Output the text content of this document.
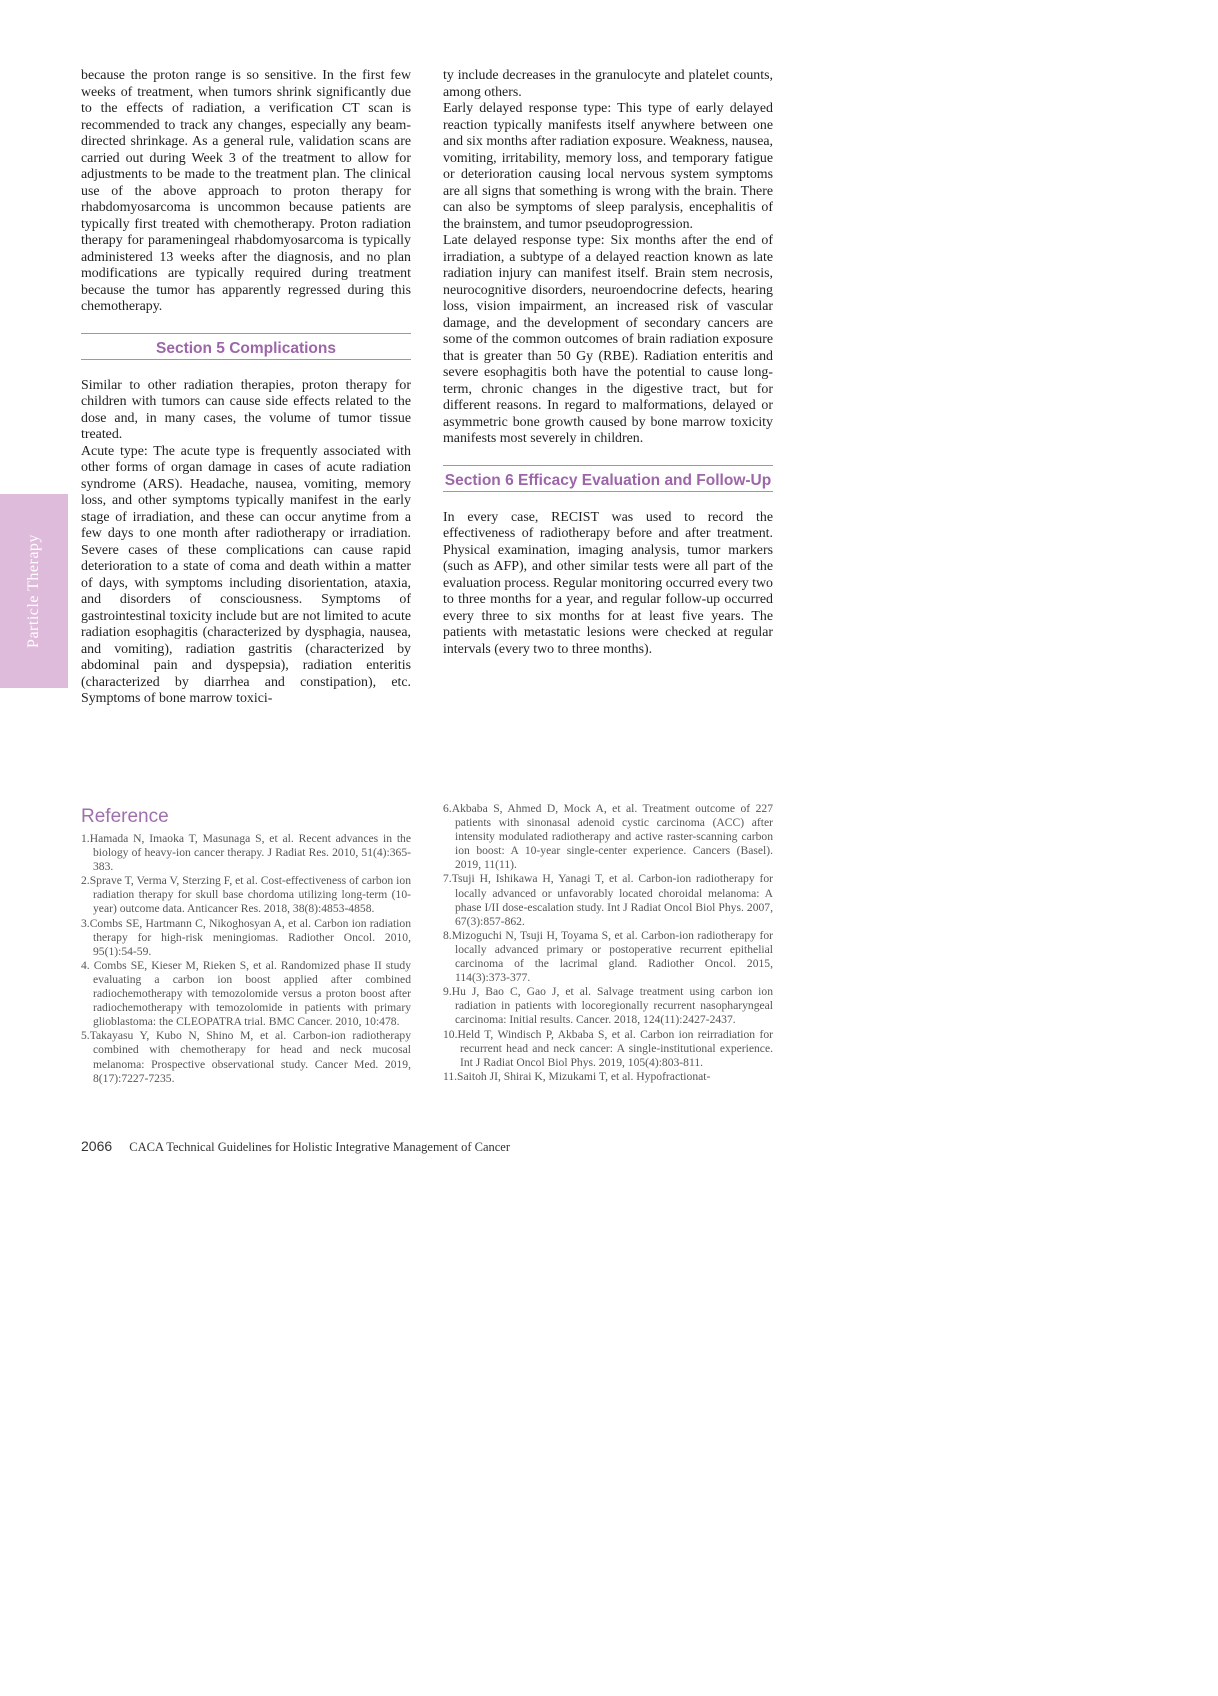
Particle Therapy

because the proton range is so sensitive. In the first few weeks of treatment, when tumors shrink significantly due to the effects of radiation, a verification CT scan is recommended to track any changes, especially any beam-directed shrinkage. As a general rule, validation scans are carried out during Week 3 of the treatment to allow for adjustments to be made to the treatment plan. The clinical use of the above approach to proton therapy for rhabdomyosarcoma is uncommon because patients are typically first treated with chemotherapy. Proton radiation therapy for parameningeal rhabdomyosarcoma is typically administered 13 weeks after the diagnosis, and no plan modifications are typically required during treatment because the tumor has apparently regressed during this chemotherapy.

Section 5 Complications

Similar to other radiation therapies, proton therapy for children with tumors can cause side effects related to the dose and, in many cases, the volume of tumor tissue treated.

Acute type: The acute type is frequently associated with other forms of organ damage in cases of acute radiation syndrome (ARS). Headache, nausea, vomiting, memory loss, and other symptoms typically manifest in the early stage of irradiation, and these can occur anytime from a few days to one month after radiotherapy or irradiation. Severe cases of these complications can cause rapid deterioration to a state of coma and death within a matter of days, with symptoms including disorientation, ataxia, and disorders of consciousness. Symptoms of gastrointestinal toxicity include but are not limited to acute radiation esophagitis (characterized by dysphagia, nausea, and vomiting), radiation gastritis (characterized by abdominal pain and dyspepsia), radiation enteritis (characterized by diarrhea and constipation), etc. Symptoms of bone marrow toxici-

ty include decreases in the granulocyte and platelet counts, among others.

Early delayed response type: This type of early delayed reaction typically manifests itself anywhere between one and six months after radiation exposure. Weakness, nausea, vomiting, irritability, memory loss, and temporary fatigue or deterioration causing local nervous system symptoms are all signs that something is wrong with the brain. There can also be symptoms of sleep paralysis, encephalitis of the brainstem, and tumor pseudoprogression.

Late delayed response type: Six months after the end of irradiation, a subtype of a delayed reaction known as late radiation injury can manifest itself. Brain stem necrosis, neurocognitive disorders, neuroendocrine defects, hearing loss, vision impairment, an increased risk of vascular damage, and the development of secondary cancers are some of the common outcomes of brain radiation exposure that is greater than 50 Gy (RBE). Radiation enteritis and severe esophagitis both have the potential to cause long-term, chronic changes in the digestive tract, but for different reasons. In regard to malformations, delayed or asymmetric bone growth caused by bone marrow toxicity manifests most severely in children.

Section 6 Efficacy Evaluation and Follow-Up

In every case, RECIST was used to record the effectiveness of radiotherapy before and after treatment. Physical examination, imaging analysis, tumor markers (such as AFP), and other similar tests were all part of the evaluation process. Regular monitoring occurred every two to three months for a year, and regular follow-up occurred every three to six months for at least five years. The patients with metastatic lesions were checked at regular intervals (every two to three months).

Reference
1.Hamada N, Imaoka T, Masunaga S, et al. Recent advances in the biology of heavy-ion cancer therapy. J Radiat Res. 2010, 51(4):365-383.
2.Sprave T, Verma V, Sterzing F, et al. Cost-effectiveness of carbon ion radiation therapy for skull base chordoma utilizing long-term (10-year) outcome data. Anticancer Res. 2018, 38(8):4853-4858.
3.Combs SE, Hartmann C, Nikoghosyan A, et al. Carbon ion radiation therapy for high-risk meningiomas. Radiother Oncol. 2010, 95(1):54-59.
4. Combs SE, Kieser M, Rieken S, et al. Randomized phase II study evaluating a carbon ion boost applied after combined radiochemotherapy with temozolomide versus a proton boost after radiochemotherapy with temozolomide in patients with primary glioblastoma: the CLEOPATRA trial. BMC Cancer. 2010, 10:478.
5.Takayasu Y, Kubo N, Shino M, et al. Carbon-ion radiotherapy combined with chemotherapy for head and neck mucosal melanoma: Prospective observational study. Cancer Med. 2019, 8(17):7227-7235.
6.Akbaba S, Ahmed D, Mock A, et al. Treatment outcome of 227 patients with sinonasal adenoid cystic carcinoma (ACC) after intensity modulated radiotherapy and active raster-scanning carbon ion boost: A 10-year single-center experience. Cancers (Basel). 2019, 11(11).
7.Tsuji H, Ishikawa H, Yanagi T, et al. Carbon-ion radiotherapy for locally advanced or unfavorably located choroidal melanoma: A phase I/II dose-escalation study. Int J Radiat Oncol Biol Phys. 2007, 67(3):857-862.
8.Mizoguchi N, Tsuji H, Toyama S, et al. Carbon-ion radiotherapy for locally advanced primary or postoperative recurrent epithelial carcinoma of the lacrimal gland. Radiother Oncol. 2015, 114(3):373-377.
9.Hu J, Bao C, Gao J, et al. Salvage treatment using carbon ion radiation in patients with locoregionally recurrent nasopharyngeal carcinoma: Initial results. Cancer. 2018, 124(11):2427-2437.
10.Held T, Windisch P, Akbaba S, et al. Carbon ion reirradiation for recurrent head and neck cancer: A single-institutional experience. Int J Radiat Oncol Biol Phys. 2019, 105(4):803-811.
11.Saitoh JI, Shirai K, Mizukami T, et al. Hypofractionat-
2066 CACA Technical Guidelines for Holistic Integrative Management of Cancer
